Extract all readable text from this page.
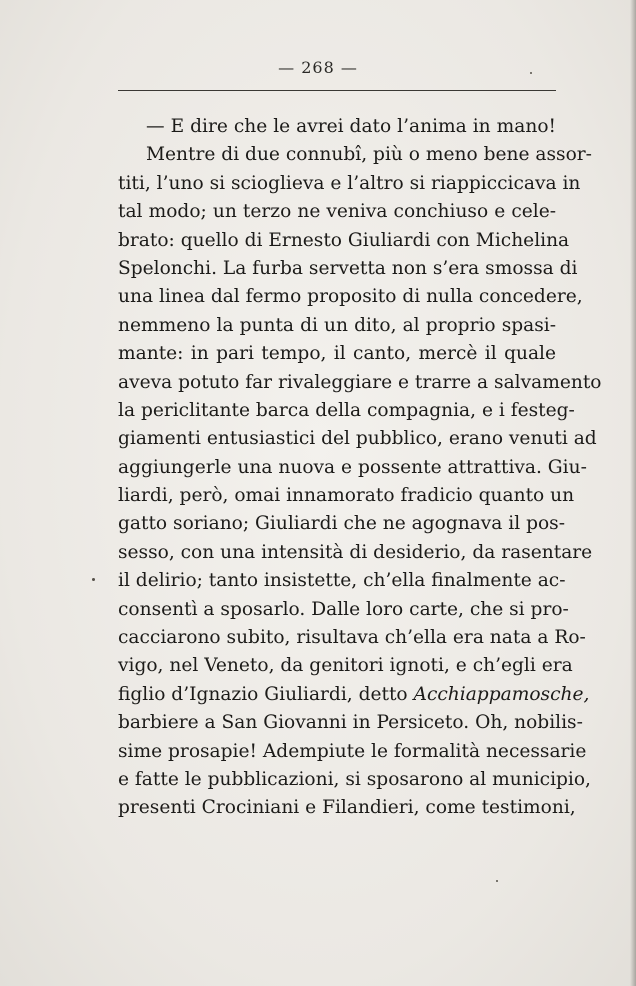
— 268 —
— E dire che le avrei dato l’anima in mano!
Mentre di due connubî, più o meno bene assor-
titi, l’uno si scioglieva e l’altro si riappiccicava in
tal modo; un terzo ne veniva conchiuso e cele-
brato: quello di Ernesto Giuliardi con Michelina
Spelonchi. La furba servetta non s’era smossa di
una linea dal fermo proposito di nulla concedere,
nemmeno la punta di un dito, al proprio spasi-
mante: in pari tempo, il canto, mercè il quale
aveva potuto far rivaleggiare e trarre a salvamento
la periclitante barca della compagnia, e i festeg-
giamenti entusiastici del pubblico, erano venuti ad
aggiungerle una nuova e possente attrattiva. Giu-
liardi, però, omai innamorato fradicio quanto un
gatto soriano; Giuliardi che ne agognava il pos-
sesso, con una intensità di desiderio, da rasentare
il delirio; tanto insistette, ch’ella finalmente ac-
consentì a sposarlo. Dalle loro carte, che si pro-
cacciarono subito, risultava ch’ella era nata a Ro-
vigo, nel Veneto, da genitori ignoti, e ch’egli era
figlio d’Ignazio Giuliardi, detto Acchiappamosche,
barbiere a San Giovanni in Persiceto. Oh, nobilis-
sime prosapie! Adempiute le formalità necessarie
e fatte le pubblicazioni, si sposarono al municipio,
presenti Crociniani e Filandieri, come testimoni,
